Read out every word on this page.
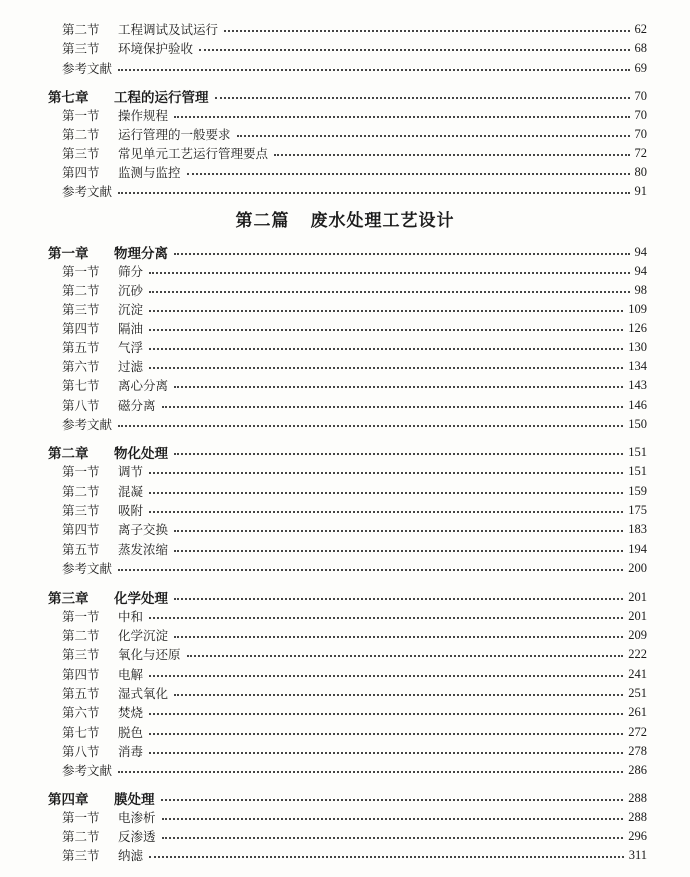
第二节 工程调试及试运行	62
第三节 环境保护验收	68
参考文献	69
第七章 工程的运行管理	70
第一节 操作规程	70
第二节 运行管理的一般要求	70
第三节 常见单元工艺运行管理要点	72
第四节 监测与监控	80
参考文献	91
第二篇 废水处理工艺设计
第一章 物理分离	94
第一节 筛分	94
第二节 沉砂	98
第三节 沉淀	109
第四节 隔油	126
第五节 气浮	130
第六节 过滤	134
第七节 离心分离	143
第八节 磁分离	146
参考文献	150
第二章 物化处理	151
第一节 调节	151
第二节 混凝	159
第三节 吸附	175
第四节 离子交换	183
第五节 蒸发浓缩	194
参考文献	200
第三章 化学处理	201
第一节 中和	201
第二节 化学沉淀	209
第三节 氧化与还原	222
第四节 电解	241
第五节 湿式氧化	251
第六节 焚烧	261
第七节 脱色	272
第八节 消毒	278
参考文献	286
第四章 膜处理	288
第一节 电渗析	288
第二节 反渗透	296
第三节 纳滤	311
